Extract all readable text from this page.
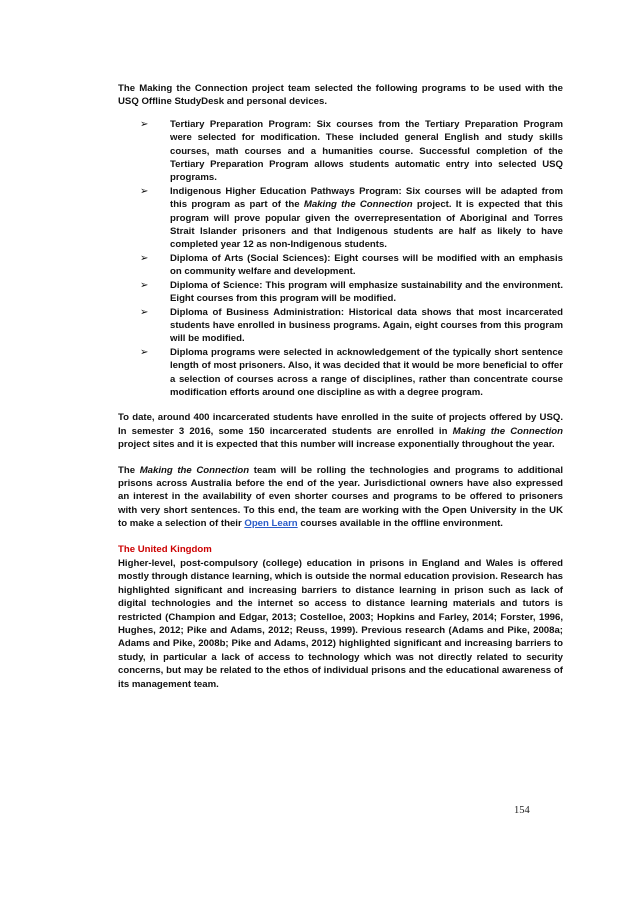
The Making the Connection project team selected the following programs to be used with the USQ Offline StudyDesk and personal devices.

➢ Tertiary Preparation Program: Six courses from the Tertiary Preparation Program were selected for modification. These included general English and study skills courses, math courses and a humanities course. Successful completion of the Tertiary Preparation Program allows students automatic entry into selected USQ programs.
➢ Indigenous Higher Education Pathways Program: Six courses will be adapted from this program as part of the Making the Connection project. It is expected that this program will prove popular given the overrepresentation of Aboriginal and Torres Strait Islander prisoners and that Indigenous students are half as likely to have completed year 12 as non-Indigenous students.
➢ Diploma of Arts (Social Sciences): Eight courses will be modified with an emphasis on community welfare and development.
➢ Diploma of Science: This program will emphasize sustainability and the environment. Eight courses from this program will be modified.
➢ Diploma of Business Administration: Historical data shows that most incarcerated students have enrolled in business programs. Again, eight courses from this program will be modified.
➢ Diploma programs were selected in acknowledgement of the typically short sentence length of most prisoners. Also, it was decided that it would be more beneficial to offer a selection of courses across a range of disciplines, rather than concentrate course modification efforts around one discipline as with a degree program.

To date, around 400 incarcerated students have enrolled in the suite of projects offered by USQ. In semester 3 2016, some 150 incarcerated students are enrolled in Making the Connection project sites and it is expected that this number will increase exponentially throughout the year.

The Making the Connection team will be rolling the technologies and programs to additional prisons across Australia before the end of the year. Jurisdictional owners have also expressed an interest in the availability of even shorter courses and programs to be offered to prisoners with very short sentences. To this end, the team are working with the Open University in the UK to make a selection of their Open Learn courses available in the offline environment.

The United Kingdom

Higher-level, post-compulsory (college) education in prisons in England and Wales is offered mostly through distance learning, which is outside the normal education provision. Research has highlighted significant and increasing barriers to distance learning in prison such as lack of digital technologies and the internet so access to distance learning materials and tutors is restricted (Champion and Edgar, 2013; Costelloe, 2003; Hopkins and Farley, 2014; Forster, 1996, Hughes, 2012; Pike and Adams, 2012; Reuss, 1999). Previous research (Adams and Pike, 2008a; Adams and Pike, 2008b; Pike and Adams, 2012) highlighted significant and increasing barriers to study, in particular a lack of access to technology which was not directly related to security concerns, but may be related to the ethos of individual prisons and the educational awareness of its management team.

154
